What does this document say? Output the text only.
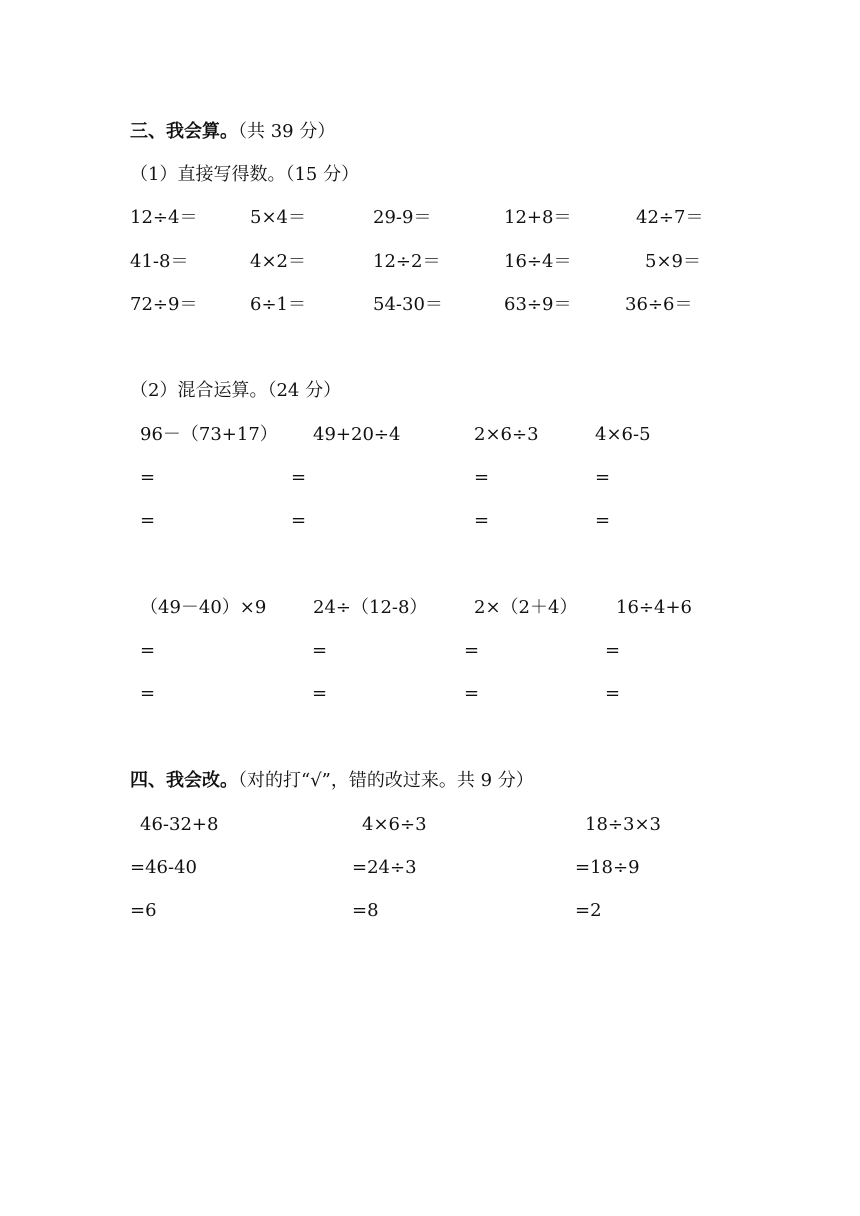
三、我会算。（共 39 分）
（1）直接写得数。（15 分）
12÷4＝	5×4＝	29-9＝	12+8＝	42÷7＝
41-8＝	4×2＝	12÷2＝	16÷4＝	5×9＝
72÷9＝	6÷1＝	54-30＝	63÷9＝	36÷6＝
（2）混合运算。（24 分）
96－（73+17） 49+20÷4	2×6÷3	4×6-5
=	=	=	=
=	=	=	=
（49－40）×9	24÷（12-8）	2×（2＋4） 16÷4+6
=	=	=	=
=	=	=	=
四、我会改。（对的打“√”，错的改过来。共 9 分）
46-32+8	4×6÷3	18÷3×3
=46-40	=24÷3	=18÷9
=6	=8	=2
